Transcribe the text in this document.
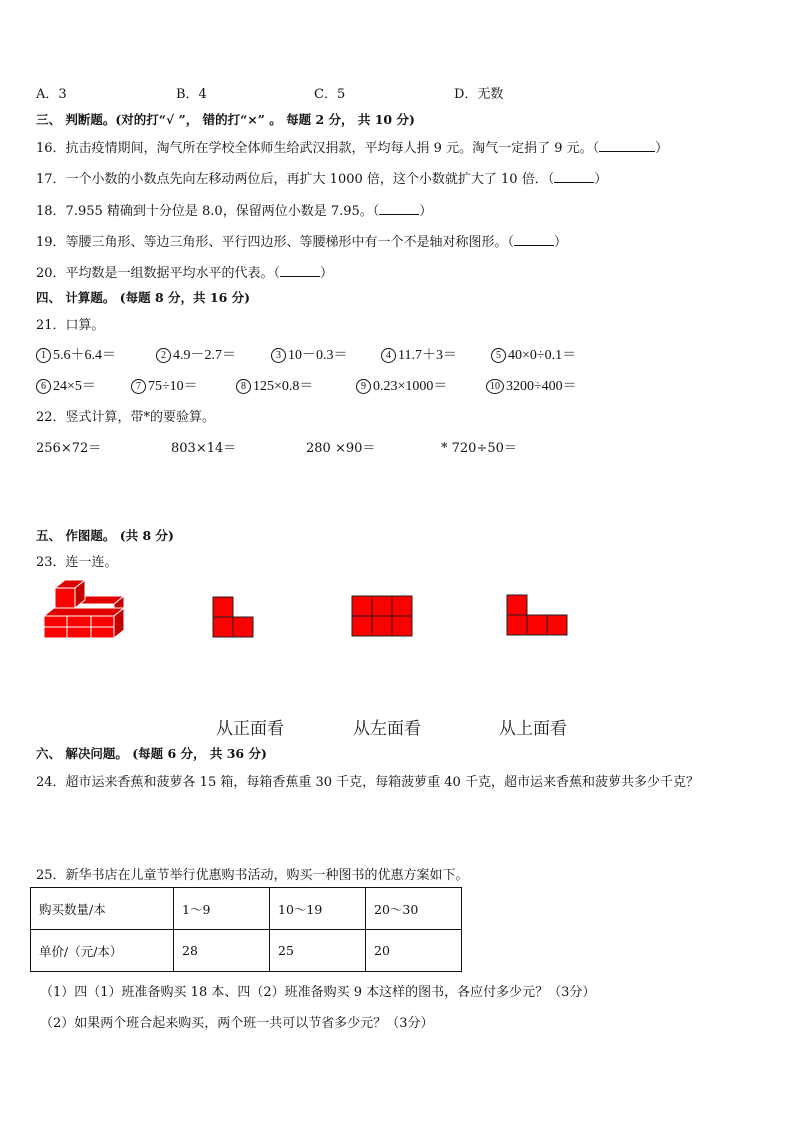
A．3	B．4	C．5	D．无数
三、 判断题。(对的打“√ ”， 错的打“×” 。 每题 2 分， 共 10 分)
16．抗击疫情期间，淘气所在学校全体师生给武汉捐款，平均每人捐 9 元。淘气一定捐了 9 元。（	）
17．一个小数的小数点先向左移动两位后，再扩大 1000 倍，这个小数就扩大了 10 倍．（	）
18．7.955 精确到十分位是 8.0，保留两位小数是 7.95。（	）
19．等腰三角形、等边三角形、平行四边形、等腰梯形中有一个不是轴对称图形。（	）
20．平均数是一组数据平均水平的代表。（	）
四、 计算题。 (每题 8 分，共 16 分)
21．口算。
1 5.6＋6.4＝	2 4.9－2.7＝	3 10－0.3＝	4 11.7＋3＝	5 40×0÷0.1＝
6 24×5＝	7 75÷10＝	8 125×0.8＝	9 0.23×1000＝	10 3200÷400＝
22．竖式计算，带*的要验算。
256×72＝	803×14＝	280 ×90＝	* 720÷50＝
五、 作图题。 (共 8 分)
23．连一连。
从正面看	从左面看	从上面看
六、 解决问题。 (每题 6 分， 共 36 分)
24．超市运来香蕉和菠萝各 15 箱，每箱香蕉重 30 千克，每箱菠萝重 40 千克，超市运来香蕉和菠萝共多少千克？
25．新华书店在儿童节举行优惠购书活动，购买一种图书的优惠方案如下。
购买数量/本	1～9	10～19	20～30
单价/（元/本）	28	25	20
（1）四（1）班准备购买 18 本、四（2）班准备购买 9 本这样的图书，各应付多少元？（3分）
（2）如果两个班合起来购买，两个班一共可以节省多少元？（3分）
